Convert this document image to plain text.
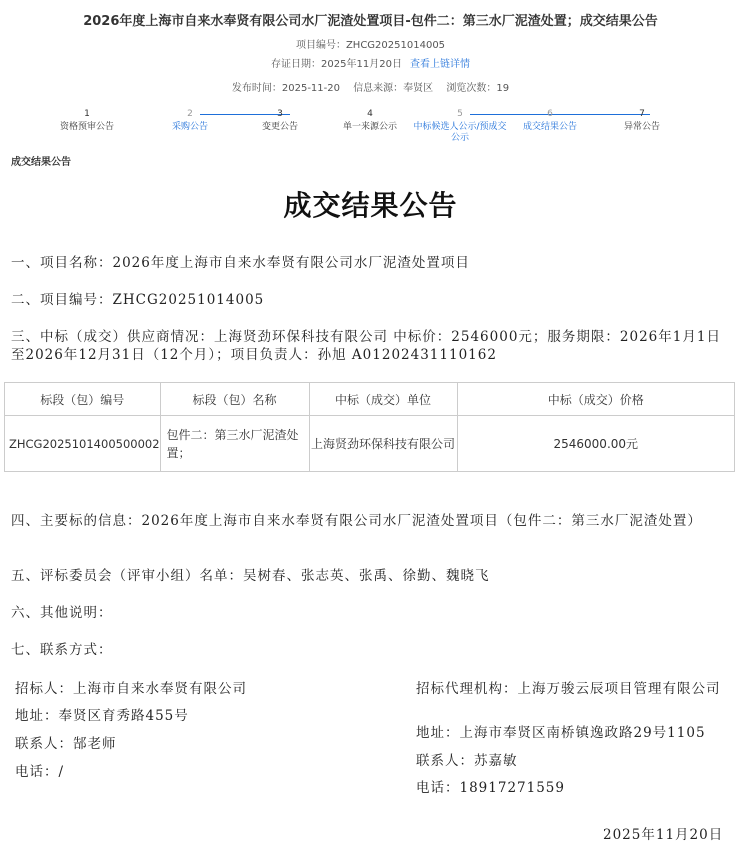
2026年度上海市自来水奉贤有限公司水厂泥渣处置项目-包件二：第三水厂泥渣处置；成交结果公告
项目编号：ZHCG20251014005
存证日期：2025年11月20日 查看上链详情
发布时间：2025-11-20 信息来源：奉贤区 浏览次数：19
1
资格预审公告
2
采购公告
3
变更公告
4
单一来源公示
5
中标候选人公示/预成交公示
6
成交结果公告
7
异常公告
成交结果公告
成交结果公告
一、项目名称：2026年度上海市自来水奉贤有限公司水厂泥渣处置项目
二、项目编号：ZHCG20251014005
三、中标（成交）供应商情况：上海贤劲环保科技有限公司 中标价：2546000元；服务期限：2026年1月1日至2026年12月31日（12个月）；项目负责人：孙旭 A01202431110162
标段（包）编号	标段（包）名称	中标（成交）单位	中标（成交）价格
ZHCG2025101400500002	包件二：第三水厂泥渣处置；	上海贤劲环保科技有限公司	2546000.00元
四、主要标的信息：2026年度上海市自来水奉贤有限公司水厂泥渣处置项目（包件二：第三水厂泥渣处置）
五、评标委员会（评审小组）名单：吴树春、张志英、张禹、徐勤、魏晓飞
六、其他说明：
七、联系方式：
招标人：上海市自来水奉贤有限公司
地址：奉贤区育秀路455号
联系人：郜老师
电话：/
招标代理机构：上海万骏云辰项目管理有限公司
地址：上海市奉贤区南桥镇逸政路29号1105
联系人：苏嘉敏
电话：18917271559
2025年11月20日
